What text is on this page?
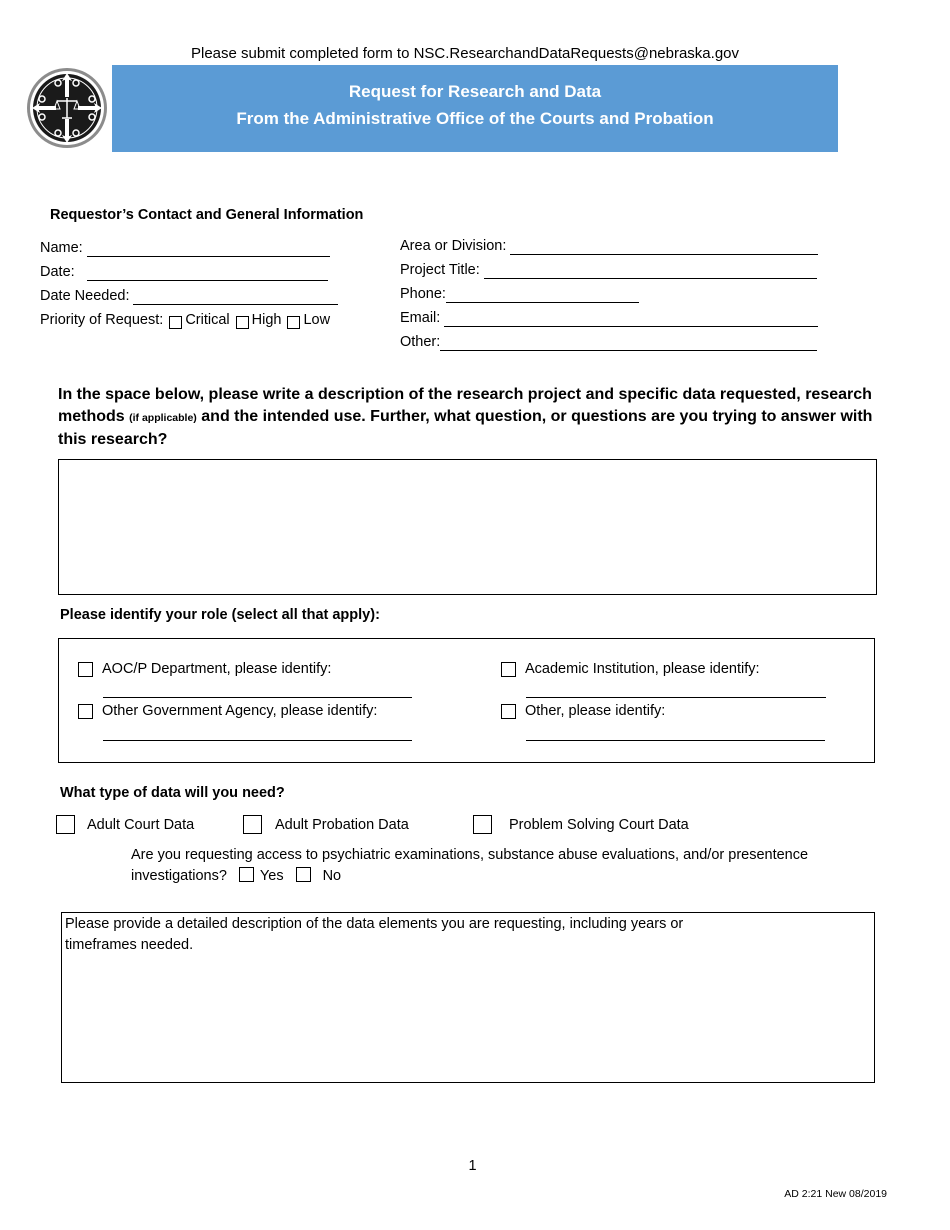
Please submit completed form to NSC.ResearchandDataRequests@nebraska.gov
Request for Research and Data
From the Administrative Office of the Courts and Probation
Requestor’s Contact and General Information
Name:
Date:
Date Needed:
Priority of Request: Critical High Low
Area or Division:
Project Title:
Phone:
Email:
Other:
In the space below, please write a description of the research project and specific data requested, research methods (if applicable) and the intended use. Further, what question, or questions are you trying to answer with this research?
Please identify your role (select all that apply):
AOC/P Department, please identify:
Other Government Agency, please identify:
Academic Institution, please identify:
Other, please identify:
What type of data will you need?
Adult Court Data	Adult Probation Data	Problem Solving Court Data
Are you requesting access to psychiatric examinations, substance abuse evaluations, and/or presentence investigations? Yes	No
Please provide a detailed description of the data elements you are requesting, including years or timeframes needed.
1
AD 2:21 New 08/2019
